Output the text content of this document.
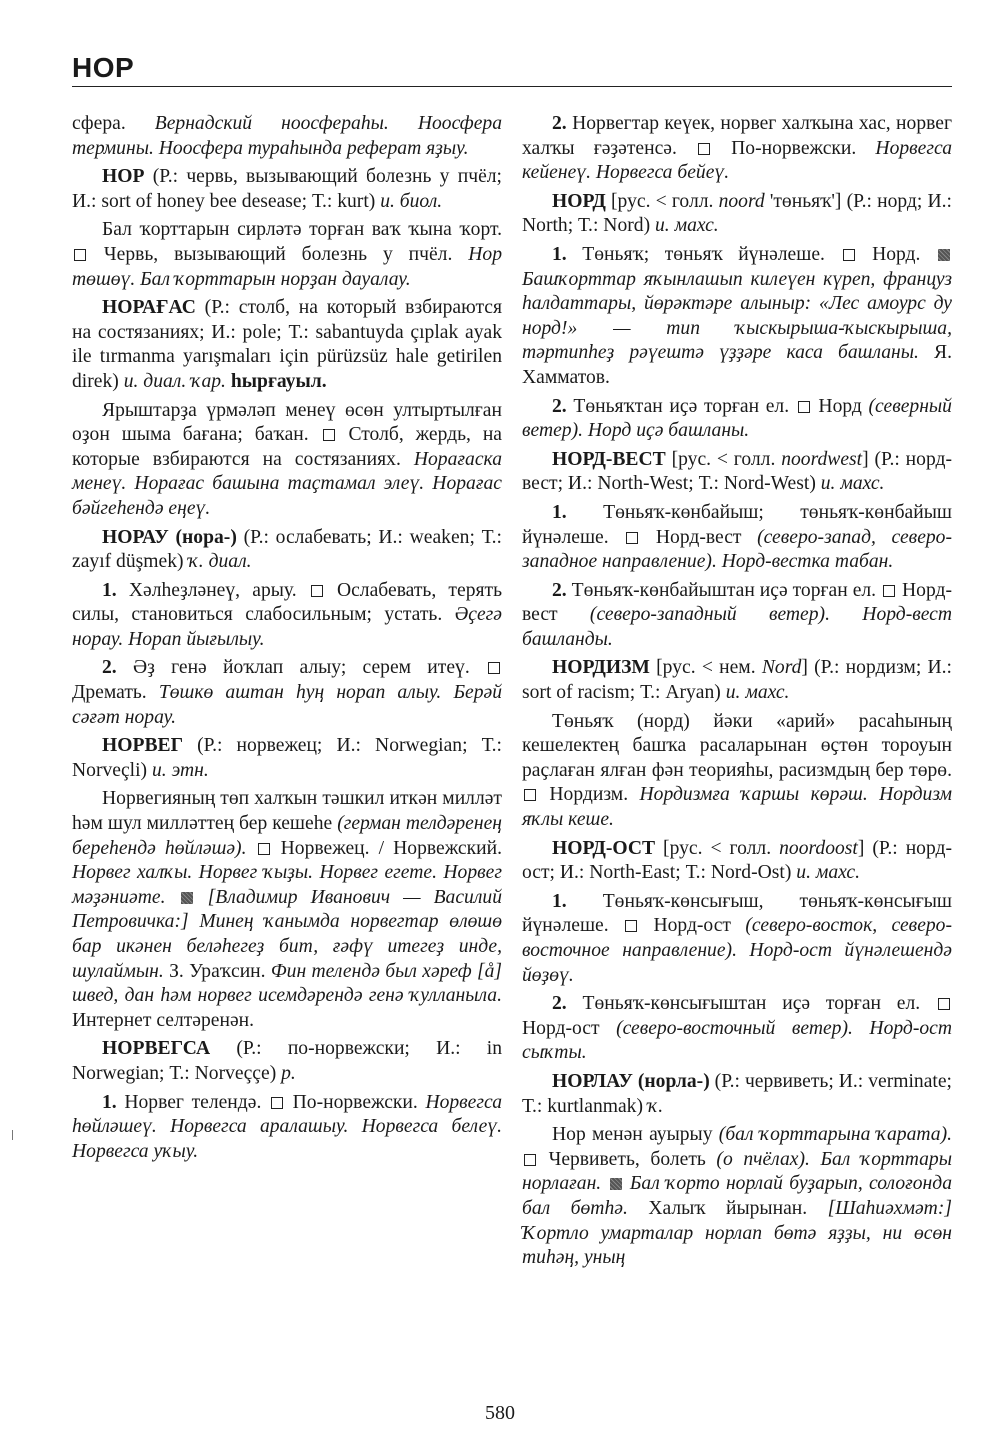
НОР

сфера. Вернадский ноосфераһы. Ноосфера термины. Ноосфера тураһында реферат яҙыу.

НОР (Р.: червь, вызывающий болезнь у пчёл; И.: sort of honey bee desease; Т.: kurt) и. биол.

Бал ҡорттарын сирләтә торған ваҡ ҡына ҡорт.  Червь, вызывающий болезнь у пчёл. Нор төшөү. Бал ҡорттарын норҙан дауалау.

НОРАҒАС (Р.: столб, на который взбираются на состязаниях; И.: pole; Т.: sabantuyda çıplak ayak ile tırmanma yarışmaları için pürüzsüz hale getirilen direk) и. диал. ҡар. һырғауыл.

Ярыштарҙа үрмәләп менеү өсөн ултыртылған оҙон шыма бағана; баҡан.  Столб, жердь, на которые взбираются на состязаниях. Норағаска менеү. Норағас башына таҫтамал элеү. Норағас бәйгеһендә еңеү.

НОРАУ (нора-) (Р.: ослабевать; И.: weaken; Т.: zayıf düşmek) ҡ. диал.

1. Хәлһеҙләнеү, арыу.  Ослабевать, терять силы, становиться слабосильным; устать. Әҫегә норау. Норап йығылыу.

2. Әҙ генә йоҡлап алыу; серем итеү.  Дремать. Төшкө аштан һуң норап алыу. Берәй сәғәт норау.

НОРВЕГ (Р.: норвежец; И.: Norwegian; Т.: Norveçli) и. этн.

Норвегияның төп халҡын тәшкил иткән милләт һәм шул милләттең бер кешеһе (герман телдәренең береһендә һөйләшә).  Норвежец. / Норвежский. Норвег халҡы. Норвег ҡыҙы. Норвег егете. Норвег мәҙәниәте.  [Владимир Иванович — Василий Петровичка:] Минең ҡанымда норвегтар өлөшө бар икәнен беләһегеҙ бит, ғәфү итегеҙ инде, шулаймын. З. Ураҡсин. Фин телендә был хәреф [å] швед, дан һәм норвег исемдәрендә генә ҡулланыла. Интернет селтәренән.

НОРВЕГСА (Р.: по-норвежски; И.: in Norwegian; Т.: Norveççe) р.

1. Норвег телендә.  По-норвежски. Норвегса һөйләшеү. Норвегса аралашыу. Норвегса белеү. Норвегса уҡыу.

2. Норвегтар кеүек, норвег халҡына хас, норвег халҡы ғәҙәтенсә.  По-норвежски. Норвегса кейенеү. Норвегса бейеү.

НОРД [рус. < голл. noord 'төньяҡ'] (Р.: норд; И.: North; Т.: Nord) и. махс.

1. Төньяҡ; төньяҡ йүнәлеше.  Норд.  Башҡорттар яҡынлашып килеүен күреп, француз һалдаттары, йөрәктәре алыныp: «Лес амоурс ду норд!» — тип ҡыскырыша-ҡыскырыша, тәртипһеҙ рәүештә үҙҙәре каса башланы. Я. Хамматов.

2. Төньяҡтан иҫә торған ел.  Норд (северный ветер). Норд иҫә башланы.

НОРД-ВЕСТ [рус. < голл. noordwest] (Р.: норд-вест; И.: North-West; Т.: Nord-West) и. махс.

1. Төньяҡ-көнбайыш; төньяҡ-көнбайыш йүнәлеше.  Норд-вест (северо-запад, северо-западное направление). Норд-вестка табан.

2. Төньяҡ-көнбайыштан иҫә торған ел.  Норд-вест (северо-западный ветер). Норд-вест башланды.

НОРДИЗМ [рус. < нем. Nord] (Р.: нордизм; И.: sort of racism; Т.: Aryan) и. махс.

Төньяҡ (норд) йәки «арий» расаһының кешелектең башҡа расаларынан өҫтөн тороуын раҫлаған ялған фән теорияһы, расизмдың бер төрө.  Нордизм. Нордизмға ҡаршы көрәш. Нордизм яҡлы кеше.

НОРД-ОСТ [рус. < голл. noordoost] (Р.: норд-ост; И.: North-East; Т.: Nord-Ost) и. махс.

1. Төньяҡ-көнсығыш, төньяҡ-көнсығыш йүнәлеше.  Норд-ост (северо-восток, северо-восточное направление). Норд-ост йүнәлешендә йөҙөү.

2. Төньяҡ-көнсығыштан иҫә торған ел.  Норд-ост (северо-восточный ветер). Норд-ост сыҡты.

НОРЛАУ (норла-) (Р.: червиветь; И.: verminate; Т.: kurtlanmak) ҡ.

Нор менән ауырыу (бал ҡорттарына ҡарата).  Червиветь, болеть (о пчёлах). Бал ҡорттары норлаған.  Бал ҡорто норлай буҙарып, солоғонда бал бөтһә. Халыҡ йырынан. [Шаһиәхмәт:] Ҡортло умарталар норлап бөтә яҙҙы, ни өсөн тиһәң, уның

580
